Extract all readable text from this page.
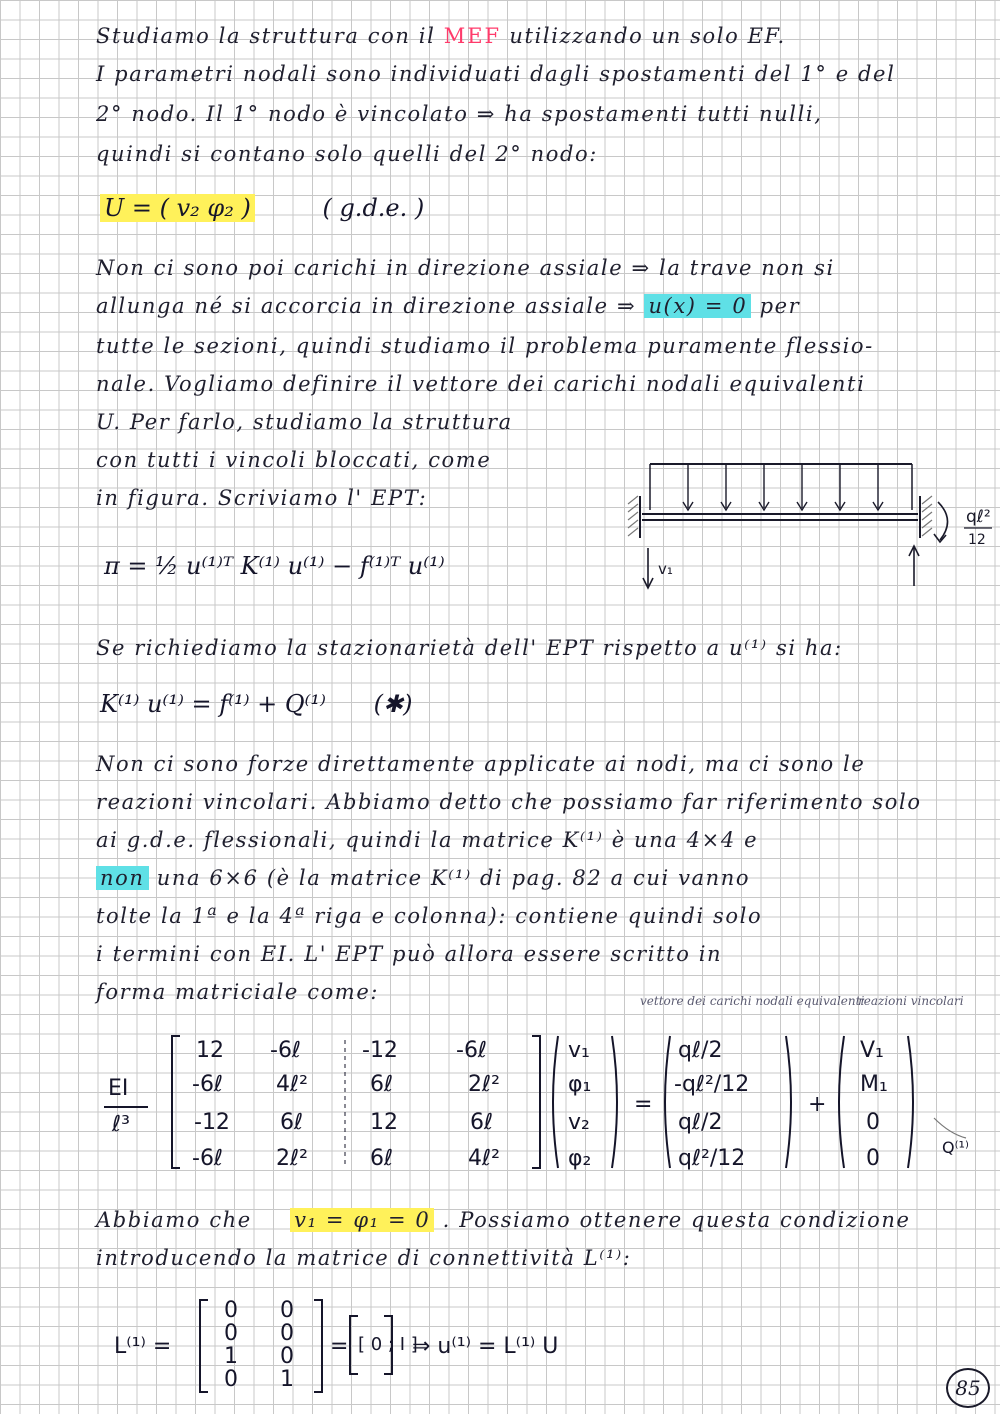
Studiamo la struttura con il MEF utilizzando un solo EF.
I parametri nodali sono individuati dagli spostamenti del 1° e del
2° nodo. Il 1° nodo è vincolato ⇒ ha spostamenti tutti nulli,
quindi si contano solo quelli del 2° nodo:
U = ( v₂ φ₂ )	( g.d.e. )
Non ci sono poi carichi in direzione assiale ⇒ la trave non si
allunga né si accorcia in direzione assiale ⇒ u(x) = 0 per
tutte le sezioni, quindi studiamo il problema puramente flessio-
nale. Vogliamo definire il vettore dei carichi nodali equivalenti
U. Per farlo, studiamo la struttura
con tutti i vincoli bloccati, come
in figura. Scriviamo l' EPT:
v₁
qℓ²
12
π = ½ u⁽¹⁾ᵀ K⁽¹⁾ u⁽¹⁾ − f⁽¹⁾ᵀ u⁽¹⁾
Se richiediamo la stazionarietà dell' EPT rispetto a u⁽¹⁾ si ha:
K⁽¹⁾ u⁽¹⁾ = f⁽¹⁾ + Q⁽¹⁾ (✱)
Non ci sono forze direttamente applicate ai nodi, ma ci sono le
reazioni vincolari. Abbiamo detto che possiamo far riferimento solo
ai g.d.e. flessionali, quindi la matrice K⁽¹⁾ è una 4×4 e
non una 6×6 (è la matrice K⁽¹⁾ di pag. 82 a cui vanno
tolte la 1ª e la 4ª riga e colonna): contiene quindi solo
i termini con EI. L' EPT può allora essere scritto in
forma matriciale come:
EI
ℓ³
12 -6ℓ	-12	-6ℓ
-6ℓ 4ℓ²	6ℓ	2ℓ²
-12 6ℓ	12	6ℓ
-6ℓ 2ℓ²	6ℓ	4ℓ²
v₁
φ₁
v₂
φ₂
=
qℓ/2
-qℓ²/12
qℓ/2
qℓ²/12
+
V₁
M₁
0
0	Q⁽¹⁾
vettore dei carichi nodali equivalenti
reazioni vincolari
Abbiamo che v₁ = φ₁ = 0 . Possiamo ottenere questa condizione
introducendo la matrice di connettività L⁽¹⁾:
L⁽¹⁾ =
0 0
0 0
1 0
0 1
= [ 0 ; I ]
⇒ u⁽¹⁾ = L⁽¹⁾ U
85
